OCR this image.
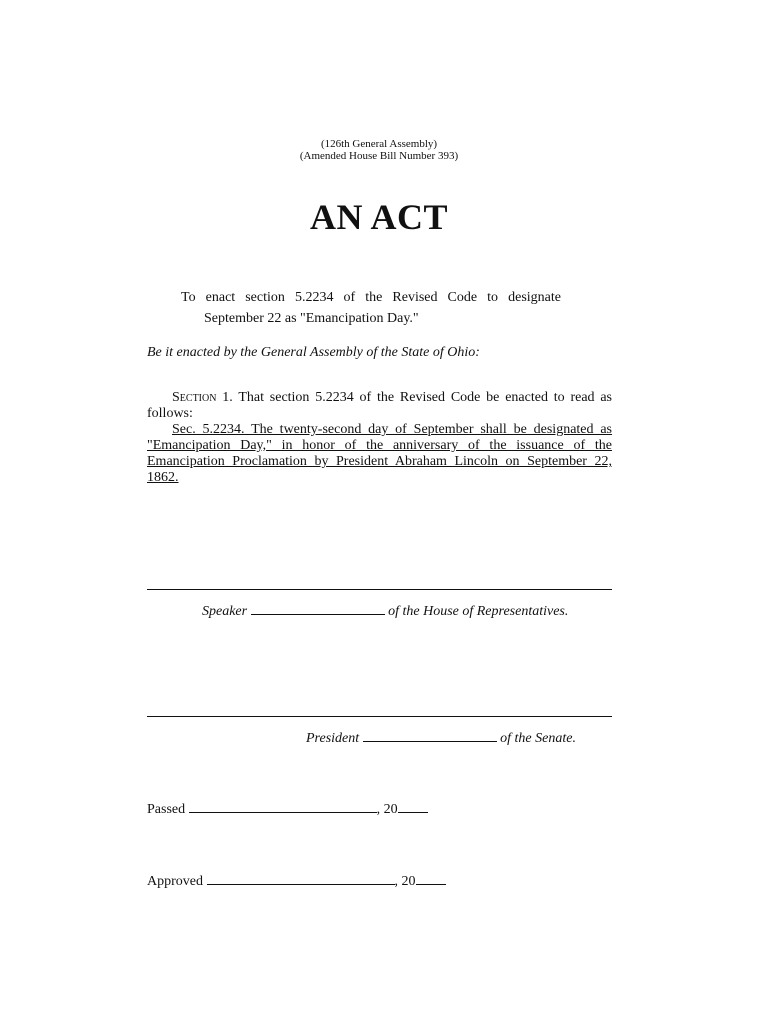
(126th General Assembly)
(Amended House Bill Number 393)
AN ACT
To enact section 5.2234 of the Revised Code to designate
September 22 as "Emancipation Day."
Be it enacted by the General Assembly of the State of Ohio:

Section 1. That section 5.2234 of the Revised Code be enacted to read as follows:

Sec. 5.2234. The twenty-second day of September shall be designated as "Emancipation Day," in honor of the anniversary of the issuance of the Emancipation Proclamation by President Abraham Lincoln on September 22, 1862.

Speaker	of the House of Representatives.
President	of the Senate.
Passed	, 20
Approved	, 20
